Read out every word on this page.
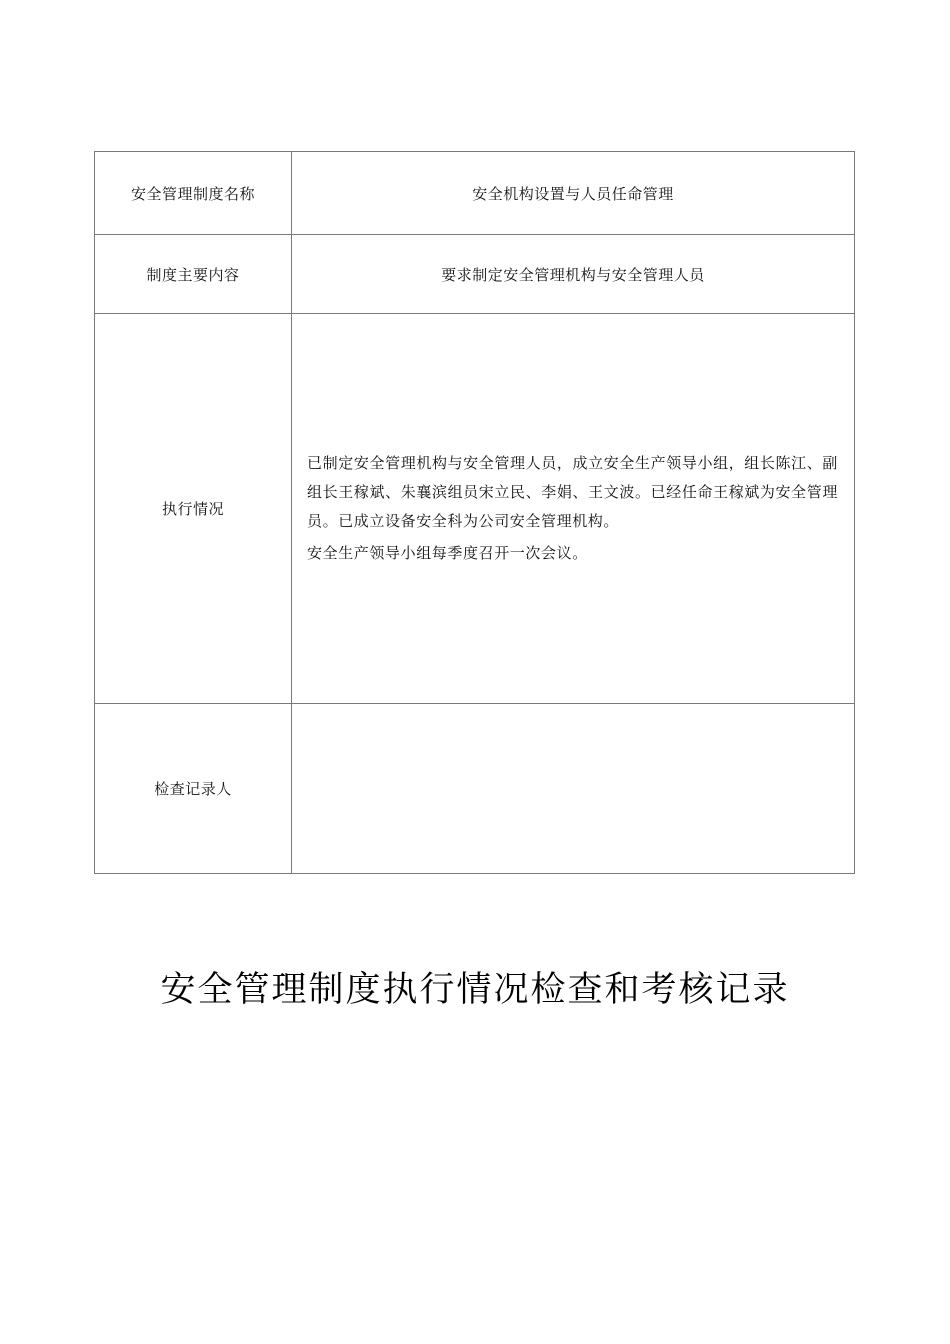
安全管理制度名称	安全机构设置与人员任命管理
制度主要内容	要求制定安全管理机构与安全管理人员
执行情况	已制定安全管理机构与安全管理人员，成立安全生产领导小组，组长陈江、副组长王稼斌、朱襄滨组员宋立民、李娟、王文波。已经任命王稼斌为安全管理员。已成立设备安全科为公司安全管理机构。

安全生产领导小组每季度召开一次会议。

检查记录人	
安全管理制度执行情况检查和考核记录
